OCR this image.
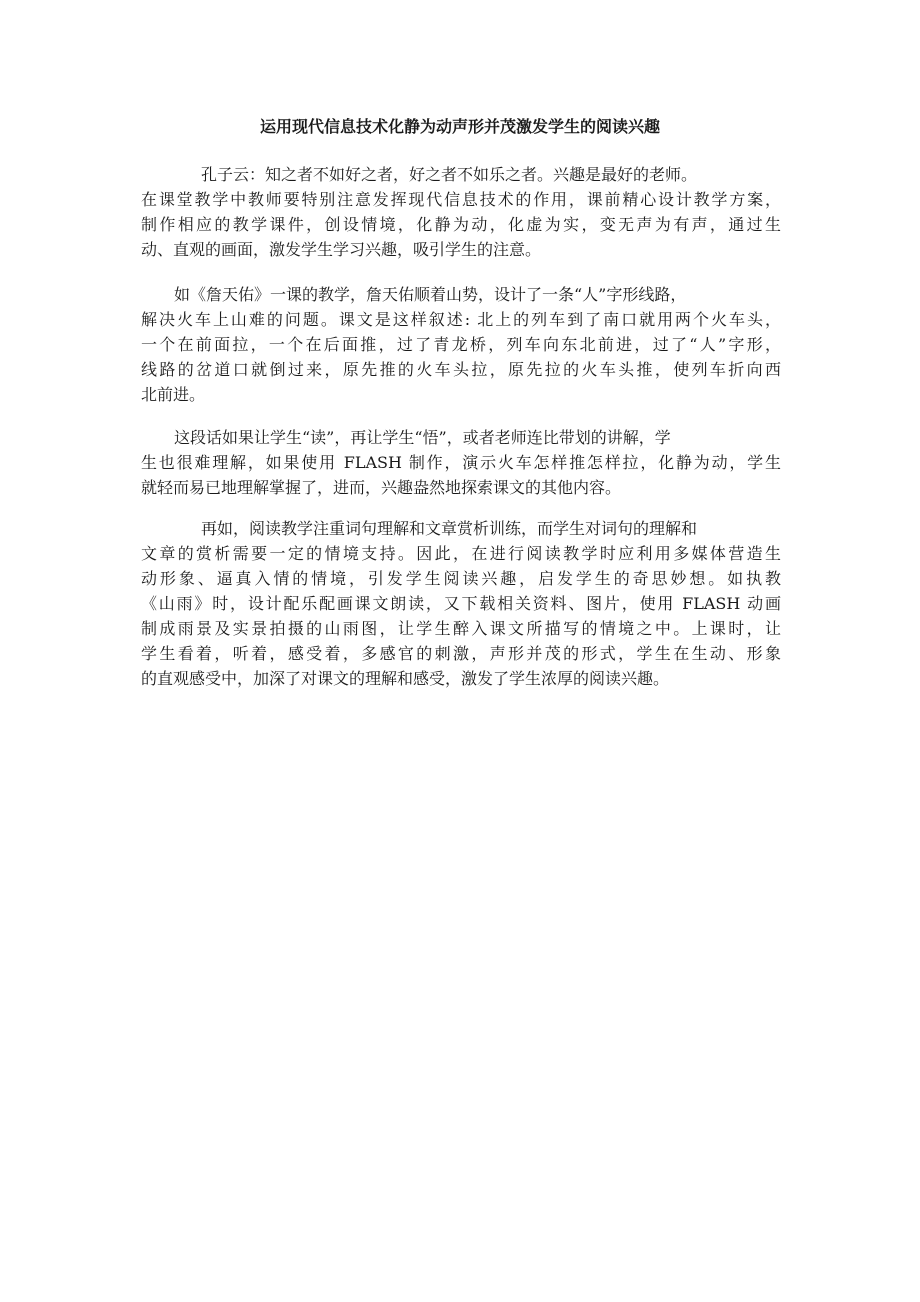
运用现代信息技术化静为动声形并茂激发学生的阅读兴趣

孔子云：知之者不如好之者，好之者不如乐之者。兴趣是最好的老师。
在课堂教学中教师要特别注意发挥现代信息技术的作用，课前精心设计教学方案，
制作相应的教学课件，创设情境，化静为动，化虚为实，变无声为有声，通过生
动、直观的画面，激发学生学习兴趣，吸引学生的注意。

如《詹天佑》一课的教学，詹天佑顺着山势，设计了一条“人”字形线路，
解决火车上山难的问题。课文是这样叙述: 北上的列车到了南口就用两个火车头，
一个在前面拉，一个在后面推，过了青龙桥，列车向东北前进，过了“人”字形，
线路的岔道口就倒过来，原先推的火车头拉，原先拉的火车头推，使列车折向西
北前进。

这段话如果让学生“读”，再让学生“悟”，或者老师连比带划的讲解，学
生也很难理解，如果使用 FLASH 制作，演示火车怎样推怎样拉，化静为动，学生
就轻而易已地理解掌握了，进而，兴趣盎然地探索课文的其他内容。

再如，阅读教学注重词句理解和文章赏析训练，而学生对词句的理解和
文章的赏析需要一定的情境支持。因此，在进行阅读教学时应利用多媒体营造生
动形象、逼真入情的情境，引发学生阅读兴趣，启发学生的奇思妙想。如执教
《山雨》时，设计配乐配画课文朗读，又下载相关资料、图片，使用 FLASH 动画
制成雨景及实景拍摄的山雨图，让学生醉入课文所描写的情境之中。上课时，让
学生看着，听着，感受着，多感官的刺激，声形并茂的形式，学生在生动、形象
的直观感受中，加深了对课文的理解和感受，激发了学生浓厚的阅读兴趣。
